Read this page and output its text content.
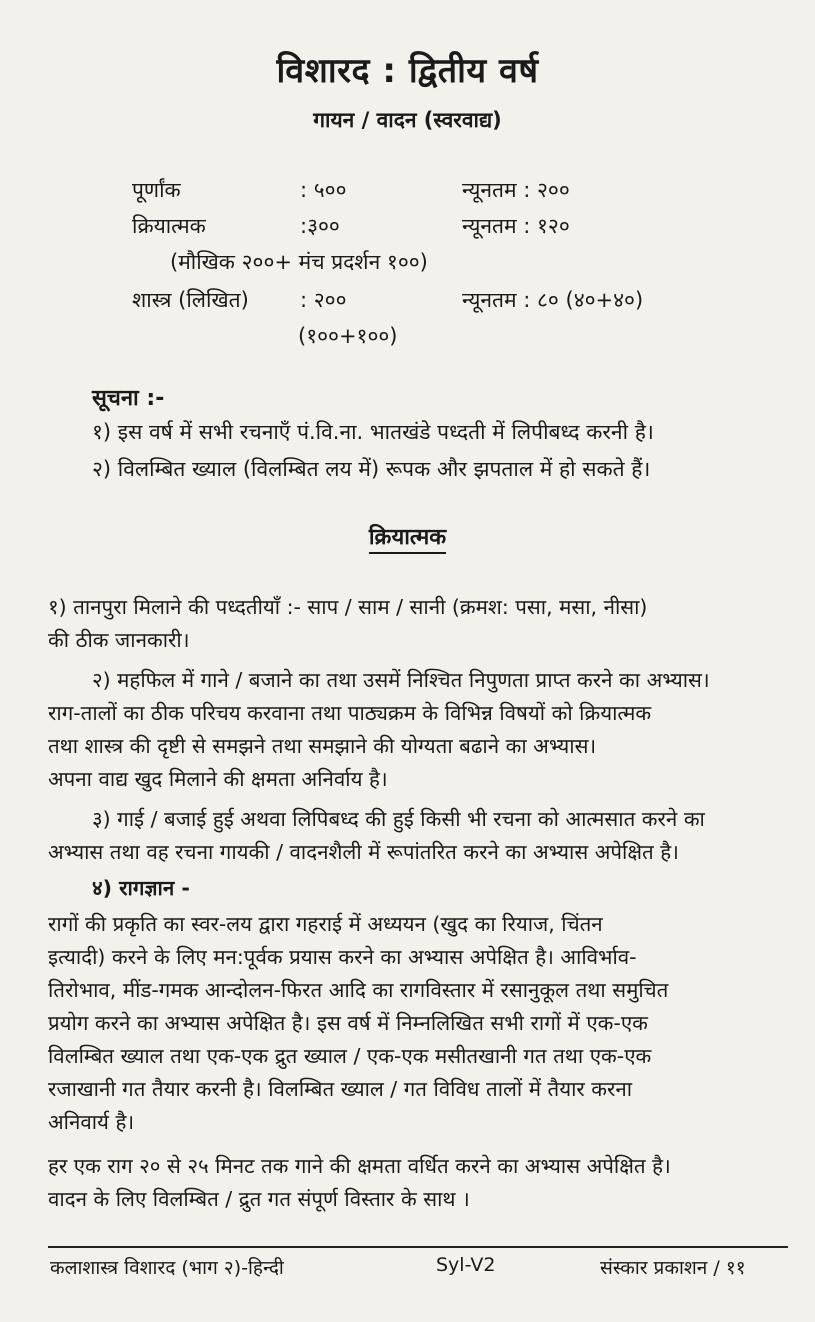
विशारद : द्वितीय वर्ष
गायन / वादन (स्वरवाद्य)
पूर्णांक	: ५००	न्यूनतम : २००
क्रियात्मक	:३००	न्यूनतम : १२०
(मौखिक २००+ मंच प्रदर्शन १००)
शास्त्र (लिखित) : २००	न्यूनतम : ८० (४०+४०)
(१००+१००)
सूचना :-
१) इस वर्ष में सभी रचनाएँ पं.वि.ना. भातखंडे पध्दती में लिपीबध्द करनी है।
२) विलम्बित ख्याल (विलम्बित लय में) रूपक और झपताल में हो सकते हैं।
क्रियात्मक
१) तानपुरा मिलाने की पध्दतीयाँ :- साप / साम / सानी (क्रमश: पसा, मसा, नीसा)
की ठीक जानकारी।
२) महफिल में गाने / बजाने का तथा उसमें निश्चित निपुणता प्राप्त करने का अभ्यास।
राग-तालों का ठीक परिचय करवाना तथा पाठ्यक्रम के विभिन्न विषयों को क्रियात्मक
तथा शास्त्र की दृष्टी से समझने तथा समझाने की योग्यता बढाने का अभ्यास।
अपना वाद्य खुद मिलाने की क्षमता अनिर्वाय है।
३) गाई / बजाई हुई अथवा लिपिबध्द की हुई किसी भी रचना को आत्मसात करने का
अभ्यास तथा वह रचना गायकी / वादनशैली में रूपांतरित करने का अभ्यास अपेक्षित है।
४) रागज्ञान -
रागों की प्रकृति का स्वर-लय द्वारा गहराई में अध्ययन (खुद का रियाज, चिंतन
इत्यादी) करने के लिए मन:पूर्वक प्रयास करने का अभ्यास अपेक्षित है। आविर्भाव-
तिरोभाव, मींड-गमक आन्दोलन-फिरत आदि का रागविस्तार में रसानुकूल तथा समुचित
प्रयोग करने का अभ्यास अपेक्षित है। इस वर्ष में निम्नलिखित सभी रागों में एक-एक
विलम्बित ख्याल तथा एक-एक द्रुत ख्याल / एक-एक मसीतखानी गत तथा एक-एक
रजाखानी गत तैयार करनी है। विलम्बित ख्याल / गत विविध तालों में तैयार करना
अनिवार्य है।
हर एक राग २० से २५ मिनट तक गाने की क्षमता वर्धित करने का अभ्यास अपेक्षित है।
वादन के लिए विलम्बित / द्रुत गत संपूर्ण विस्तार के साथ ।
कलाशास्त्र विशारद (भाग २)-हिन्दी	Syl-V2	संस्कार प्रकाशन / ११
